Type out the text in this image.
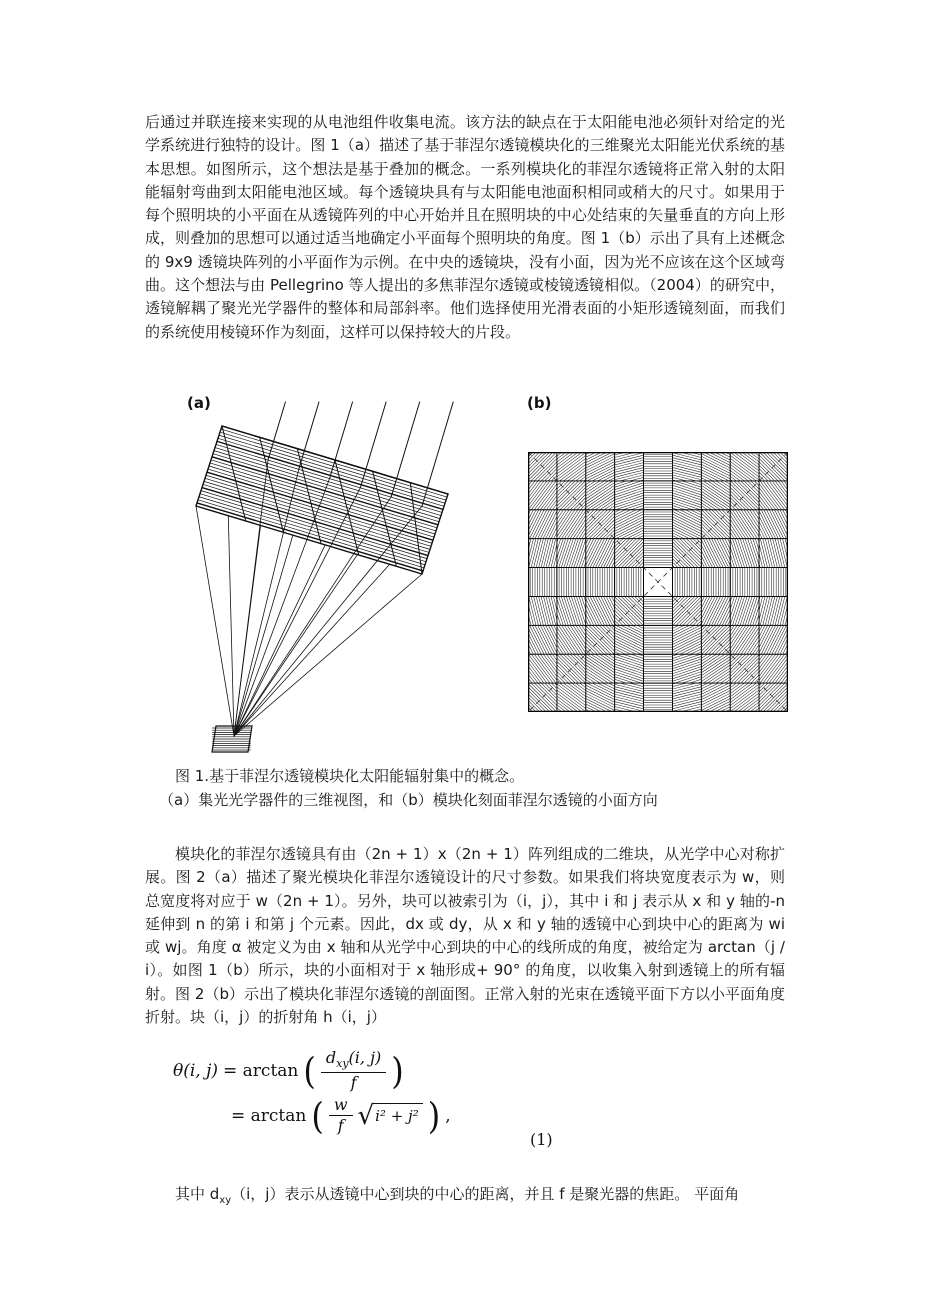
后通过并联连接来实现的从电池组件收集电流。该方法的缺点在于太阳能电池必须针对给定的光学系统进行独特的设计。图 1（a）描述了基于菲涅尔透镜模块化的三维聚光太阳能光伏系统的基本思想。如图所示，这个想法是基于叠加的概念。一系列模块化的菲涅尔透镜将正常入射的太阳能辐射弯曲到太阳能电池区域。每个透镜块具有与太阳能电池面积相同或稍大的尺寸。如果用于每个照明块的小平面在从透镜阵列的中心开始并且在照明块的中心处结束的矢量垂直的方向上形成，则叠加的思想可以通过适当地确定小平面每个照明块的角度。图 1（b）示出了具有上述概念的 9x9 透镜块阵列的小平面作为示例。在中央的透镜块，没有小面，因为光不应该在这个区域弯曲。这个想法与由 Pellegrino 等人提出的多焦菲涅尔透镜或棱镜透镜相似。（2004）的研究中，透镜解耦了聚光光学器件的整体和局部斜率。他们选择使用光滑表面的小矩形透镜刻面，而我们的系统使用棱镜环作为刻面，这样可以保持较大的片段。

(a)	(b)
图 1.基于菲涅尔透镜模块化太阳能辐射集中的概念。
（a）集光光学器件的三维视图，和（b）模块化刻面菲涅尔透镜的小面方向

模块化的菲涅尔透镜具有由（2n + 1）x（2n + 1）阵列组成的二维块，从光学中心对称扩展。图 2（a）描述了聚光模块化菲涅尔透镜设计的尺寸参数。如果我们将块宽度表示为 w，则总宽度将对应于 w（2n + 1）。另外，块可以被索引为（i，j），其中 i 和 j 表示从 x 和 y 轴的-n 延伸到 n 的第 i 和第 j 个元素。因此，dx 或 dy，从 x 和 y 轴的透镜中心到块中心的距离为 wi 或 wj。角度 α 被定义为由 x 轴和从光学中心到块的中心的线所成的角度，被给定为 arctan（j / i）。如图 1（b）所示，块的小面相对于 x 轴形成+ 90° 的角度，以收集入射到透镜上的所有辐射。图 2（b）示出了模块化菲涅尔透镜的剖面图。正常入射的光束在透镜平面下方以小平面角度折射。块（i，j）的折射角 h（i，j）

θ(i, j) = arctan ( $\frac{d_{xy}(i, j)}{f}$ )
= arctan ( $\frac{w}{f}$ √ i² + j² ) ,
(1)

其中 $d_{xy}(i$，j）表示从透镜中心到块的中心的距离，并且 f 是聚光器的焦距。 平面角
